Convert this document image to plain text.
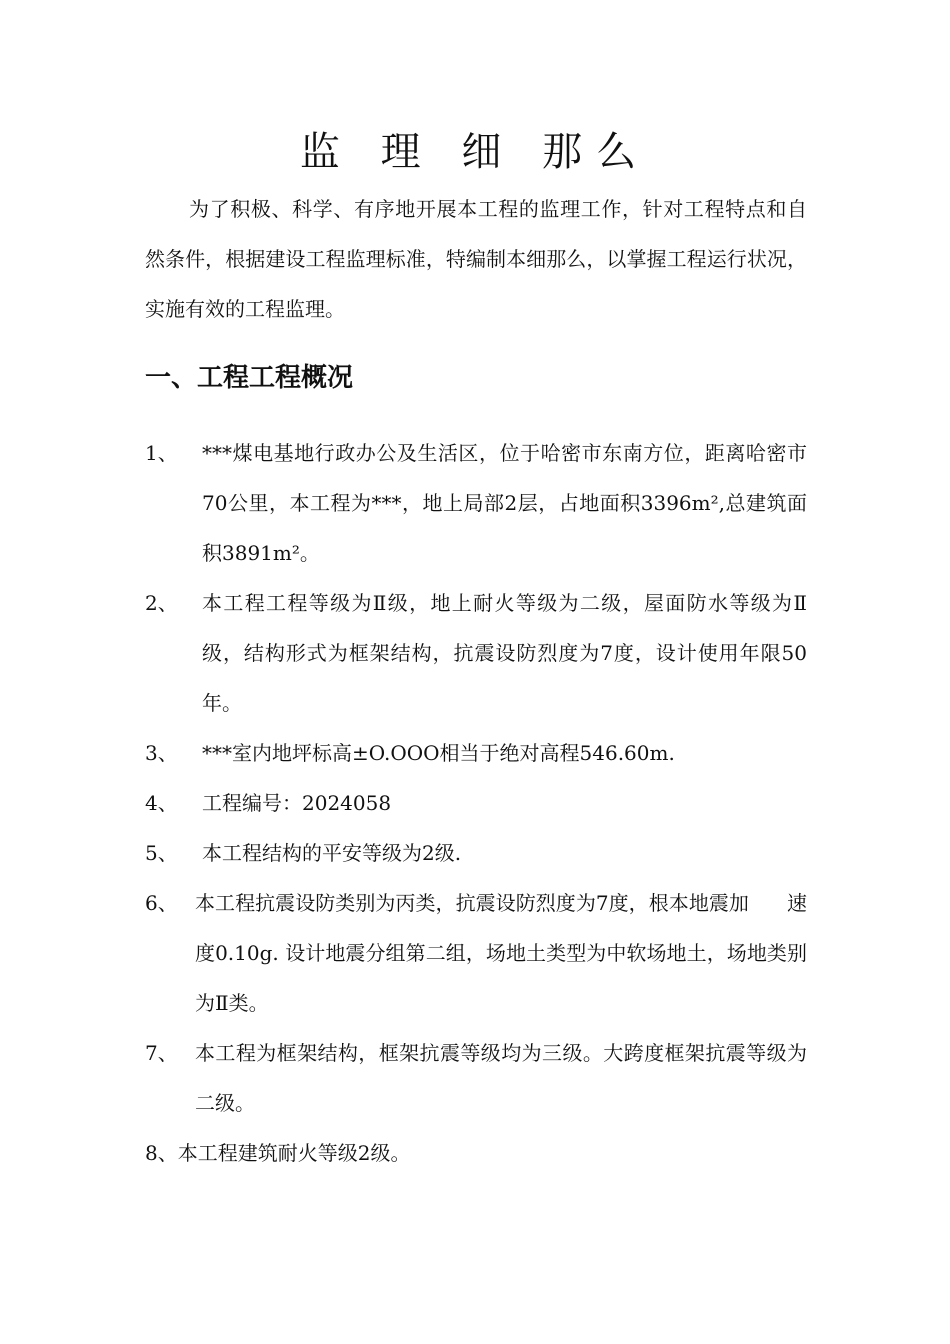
监 理 细 那么

为了积极、科学、有序地开展本工程的监理工作，针对工程特点和自然条件，根据建设工程监理标准，特编制本细那么，以掌握工程运行状况，实施有效的工程监理。

一、工程工程概况
1、	***煤电基地行政办公及生活区，位于哈密市东南方位，距离哈密市70公里，本工程为***，地上局部2层，占地面积3396m²,总建筑面积3891m²。
2、	本工程工程等级为Ⅱ级，地上耐火等级为二级，屋面防水等级为Ⅱ级，结构形式为框架结构，抗震设防烈度为7度，设计使用年限50年。
3、	***室内地坪标高±O.OOO相当于绝对高程546.60m.
4、	工程编号：2024058
5、	本工程结构的平安等级为2级.
6、 本工程抗震设防类别为丙类，抗震设防烈度为7度，根本地震加 速度0.10g. 设计地震分组第二组，场地土类型为中软场地土，场地类别为Ⅱ类。
7、 本工程为框架结构，框架抗震等级均为三级。大跨度框架抗震等级为二级。
8、本工程建筑耐火等级2级。
